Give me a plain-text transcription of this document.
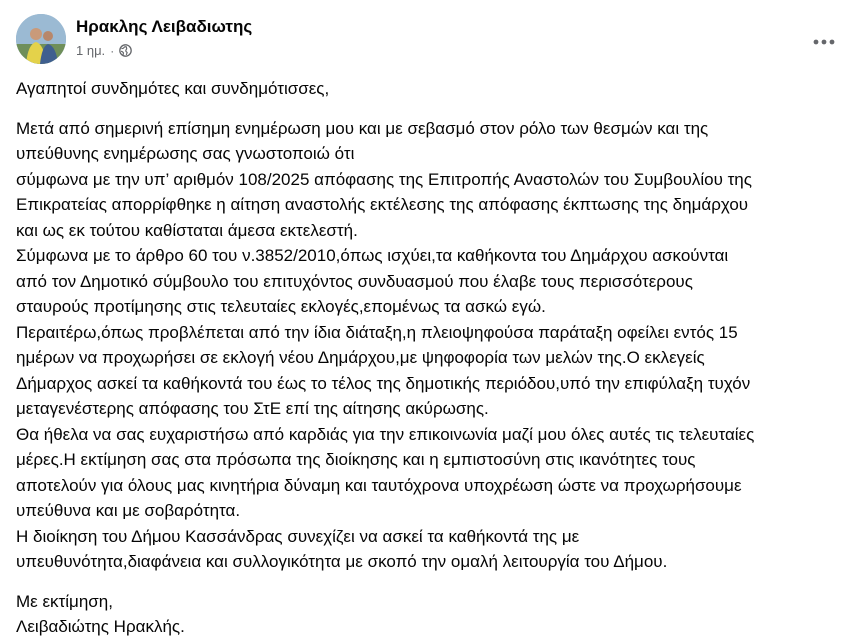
Ηρακλης Λειβαδιωτης
1 ημ. ·

Αγαπητοί συνδημότες και συνδημότισσες,

Μετά από σημερινή επίσημη ενημέρωση μου και με σεβασμό στον ρόλο των θεσμών και της

υπεύθυνης ενημέρωσης σας γνωστοποιώ ότι

σύμφωνα με την υπ’ αριθμόν 108/2025 απόφασης της Επιτροπής Αναστολών του Συμβουλίου της

Επικρατείας απορρίφθηκε η αίτηση αναστολής εκτέλεσης της απόφασης έκπτωσης της δημάρχου

και ως εκ τούτου καθίσταται άμεσα εκτελεστή.

Σύμφωνα με το άρθρο 60 του ν.3852/2010,όπως ισχύει,τα καθήκοντα του Δημάρχου ασκούνται

από τον Δημοτικό σύμβουλο του επιτυχόντος συνδυασμού που έλαβε τους περισσότερους

σταυρούς προτίμησης στις τελευταίες εκλογές,επομένως τα ασκώ εγώ.

Περαιτέρω,όπως προβλέπεται από την ίδια διάταξη,η πλειοψηφούσα παράταξη οφείλει εντός 15

ημέρων να προχωρήσει σε εκλογή νέου Δημάρχου,με ψηφοφορία των μελών της.Ο εκλεγείς

Δήμαρχος ασκεί τα καθήκοντά του έως το τέλος της δημοτικής περιόδου,υπό την επιφύλαξη τυχόν

μεταγενέστερης απόφασης του ΣτΕ επί της αίτησης ακύρωσης.

Θα ήθελα να σας ευχαριστήσω από καρδιάς για την επικοινωνία μαζί μου όλες αυτές τις τελευταίες

μέρες.Η εκτίμηση σας στα πρόσωπα της διοίκησης και η εμπιστοσύνη στις ικανότητες τους

αποτελούν για όλους μας κινητήρια δύναμη και ταυτόχρονα υποχρέωση ώστε να προχωρήσουμε

υπεύθυνα και με σοβαρότητα.

Η διοίκηση του Δήμου Κασσάνδρας συνεχίζει να ασκεί τα καθήκοντά της με

υπευθυνότητα,διαφάνεια και συλλογικότητα με σκοπό την ομαλή λειτουργία του Δήμου.

Με εκτίμηση,

Λειβαδιώτης Ηρακλής.
